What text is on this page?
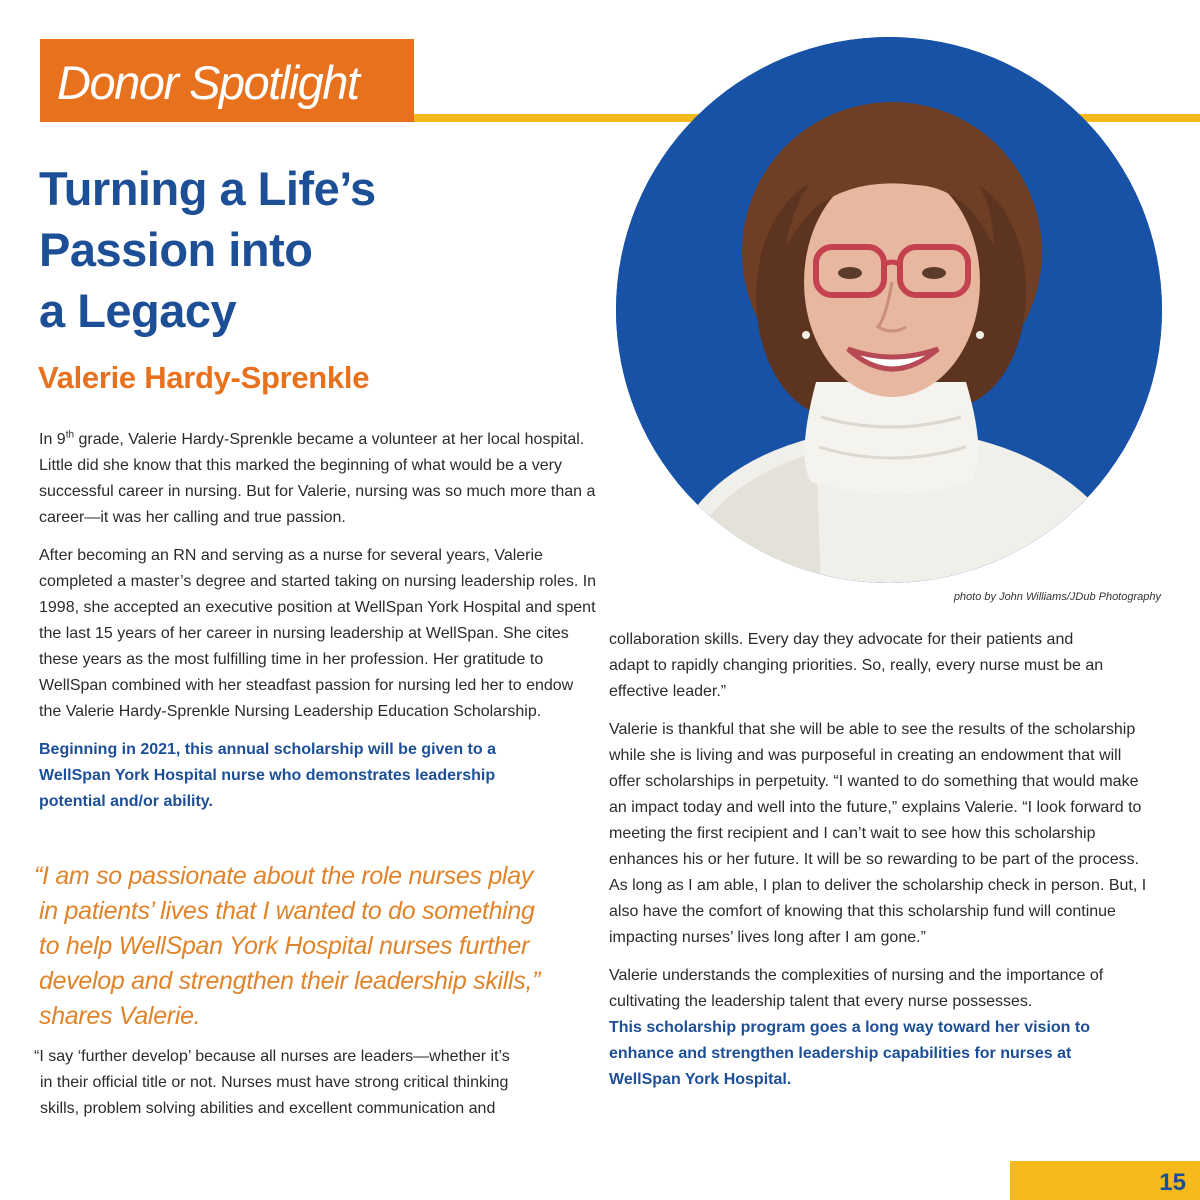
Donor Spotlight
Turning a Life’s
Passion into
a Legacy
Valerie Hardy-Sprenkle
photo by John Williams/JDub Photography

In 9th grade, Valerie Hardy-Sprenkle became a volunteer at her local hospital. Little did she know that this marked the beginning of what would be a very successful career in nursing. But for Valerie, nursing was so much more than a career—it was her calling and true passion.

After becoming an RN and serving as a nurse for several years, Valerie completed a master’s degree and started taking on nursing leadership roles. In 1998, she accepted an executive position at WellSpan York Hospital and spent the last 15 years of her career in nursing leadership at WellSpan. She cites these years as the most fulfilling time in her profession. Her gratitude to WellSpan combined with her steadfast passion for nursing led her to endow the Valerie Hardy-Sprenkle Nursing Leadership Education Scholarship.

Beginning in 2021, this annual scholarship will be given to a WellSpan York Hospital nurse who demonstrates leadership potential and/or ability.

“I am so passionate about the role nurses play
in patients’ lives that I wanted to do something
to help WellSpan York Hospital nurses further
develop and strengthen their leadership skills,”
shares Valerie.
“I say ‘further develop’ because all nurses are leaders—whether it’s
in their official title or not. Nurses must have strong critical thinking
skills, problem solving abilities and excellent communication and

collaboration skills. Every day they advocate for their patients and adapt to rapidly changing priorities. So, really, every nurse must be an effective leader.”

Valerie is thankful that she will be able to see the results of the scholarship while she is living and was purposeful in creating an endowment that will offer scholarships in perpetuity. “I wanted to do something that would make an impact today and well into the future,” explains Valerie. “I look forward to meeting the first recipient and I can’t wait to see how this scholarship enhances his or her future. It will be so rewarding to be part of the process. As long as I am able, I plan to deliver the scholarship check in person. But, I also have the comfort of knowing that this scholarship fund will continue impacting nurses’ lives long after I am gone.”

Valerie understands the complexities of nursing and the importance of cultivating the leadership talent that every nurse possesses.

This scholarship program goes a long way toward her vision to enhance and strengthen leadership capabilities for nurses at WellSpan York Hospital.

15
